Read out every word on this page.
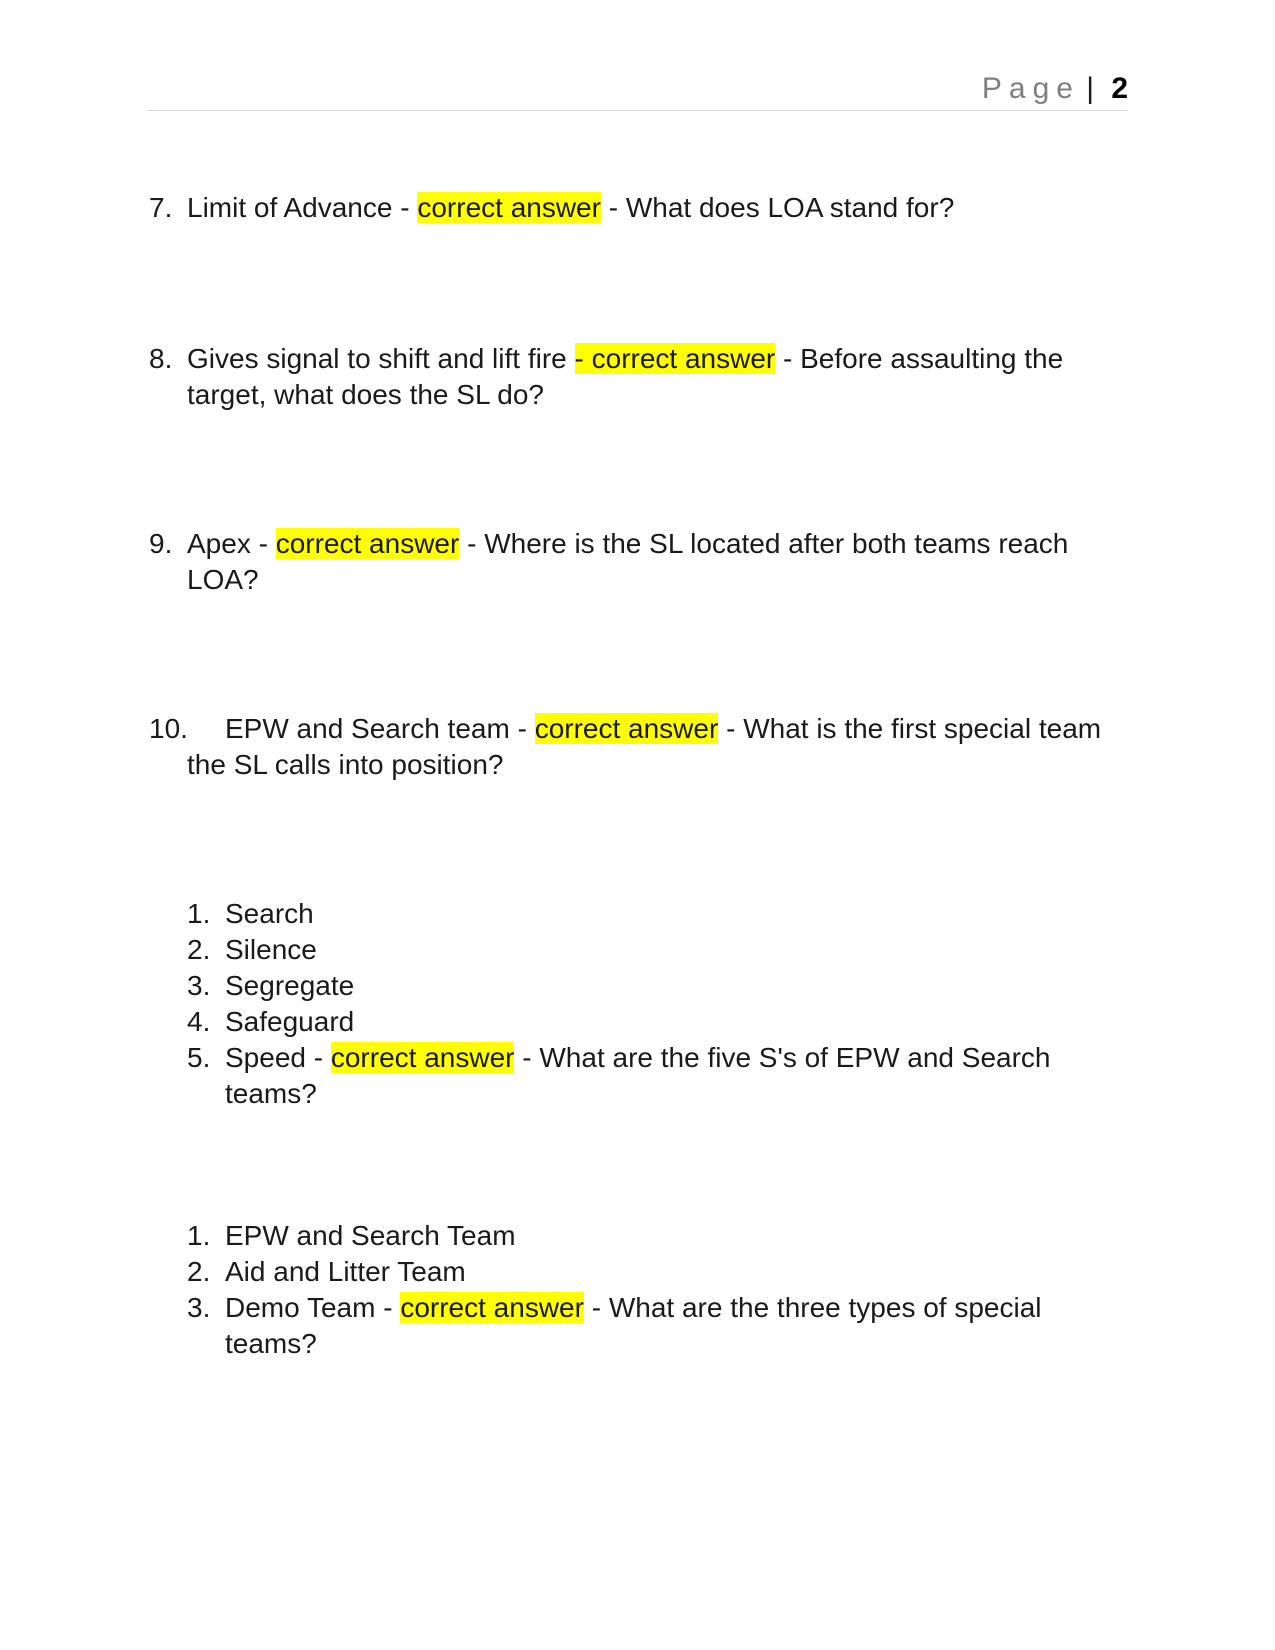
Page | 2
7. Limit of Advance - correct answer - What does LOA stand for?
8. Gives signal to shift and lift fire - correct answer - Before assaulting the target, what does the SL do?
9. Apex - correct answer - Where is the SL located after both teams reach LOA?
10.	EPW and Search team - correct answer - What is the first special team the SL calls into position?
1. Search
2. Silence
3. Segregate
4. Safeguard
5. Speed - correct answer - What are the five S's of EPW and Search teams?
1. EPW and Search Team
2. Aid and Litter Team
3. Demo Team - correct answer - What are the three types of special teams?
